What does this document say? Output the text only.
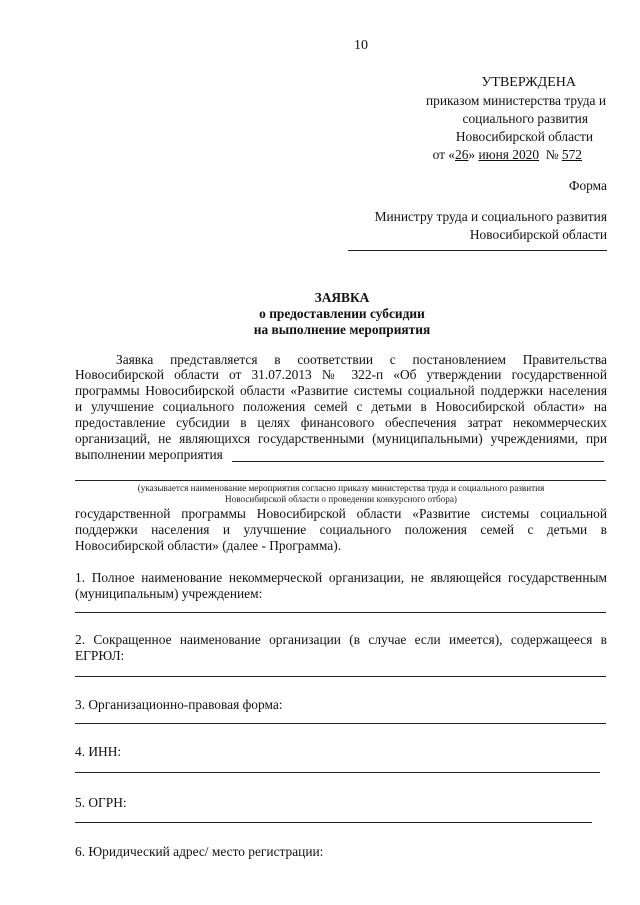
10
УТВЕРЖДЕНА
приказом министерства труда и
социального развития
Новосибирской области
от «26» июня 2020 № 572
Форма
Министру труда и социального развития
Новосибирской области
ЗАЯВКА
о предоставлении субсидии
на выполнение мероприятия
Заявка представляется в соответствии с постановлением Правительства
Новосибирской области от 31.07.2013 № 322-п «Об утверждении государственной
программы Новосибирской области «Развитие системы социальной поддержки населения
и улучшение социального положения семей с детьми в Новосибирской области» на
предоставление субсидии в целях финансового обеспечения затрат некоммерческих
организаций, не являющихся государственными (муниципальными) учреждениями, при
выполнении мероприятия
(указывается наименование мероприятия согласно приказу министерства труда и социального развития
Новосибирской области о проведении конкурсного отбора)
государственной программы Новосибирской области «Развитие системы социальной
поддержки населения и улучшение социального положения семей с детьми в
Новосибирской области» (далее - Программа).
1. Полное наименование некоммерческой организации, не являющейся государственным
(муниципальным) учреждением:
2. Сокращенное наименование организации (в случае если имеется), содержащееся в
ЕГРЮЛ:
3. Организационно-правовая форма:
4. ИНН:
5. ОГРН:
6. Юридический адрес/ место регистрации:
